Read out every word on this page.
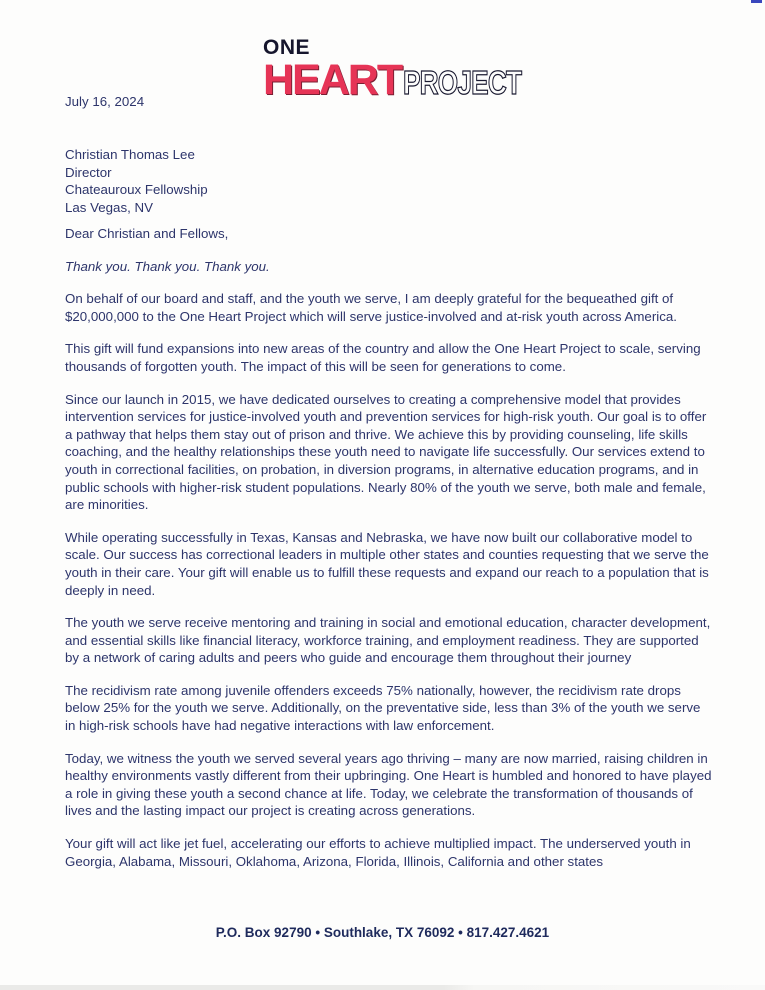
ONE
HEART PROJECT
July 16, 2024
Christian Thomas Lee
Director
Chateauroux Fellowship
Las Vegas, NV

Dear Christian and Fellows,

Thank you. Thank you. Thank you.

On behalf of our board and staff, and the youth we serve, I am deeply grateful for the bequeathed gift of $20,000,000 to the One Heart Project which will serve justice-involved and at-risk youth across America.

This gift will fund expansions into new areas of the country and allow the One Heart Project to scale, serving thousands of forgotten youth. The impact of this will be seen for generations to come.

Since our launch in 2015, we have dedicated ourselves to creating a comprehensive model that provides intervention services for justice-involved youth and prevention services for high-risk youth. Our goal is to offer a pathway that helps them stay out of prison and thrive. We achieve this by providing counseling, life skills coaching, and the healthy relationships these youth need to navigate life successfully. Our services extend to youth in correctional facilities, on probation, in diversion programs, in alternative education programs, and in public schools with higher-risk student populations. Nearly 80% of the youth we serve, both male and female, are minorities.

While operating successfully in Texas, Kansas and Nebraska, we have now built our collaborative model to scale. Our success has correctional leaders in multiple other states and counties requesting that we serve the youth in their care. Your gift will enable us to fulfill these requests and expand our reach to a population that is deeply in need.

The youth we serve receive mentoring and training in social and emotional education, character development, and essential skills like financial literacy, workforce training, and employment readiness. They are supported by a network of caring adults and peers who guide and encourage them throughout their journey

The recidivism rate among juvenile offenders exceeds 75% nationally, however, the recidivism rate drops below 25% for the youth we serve. Additionally, on the preventative side, less than 3% of the youth we serve in high-risk schools have had negative interactions with law enforcement.

Today, we witness the youth we served several years ago thriving – many are now married, raising children in healthy environments vastly different from their upbringing. One Heart is humbled and honored to have played a role in giving these youth a second chance at life. Today, we celebrate the transformation of thousands of lives and the lasting impact our project is creating across generations.

Your gift will act like jet fuel, accelerating our efforts to achieve multiplied impact. The underserved youth in Georgia, Alabama, Missouri, Oklahoma, Arizona, Florida, Illinois, California and other states

P.O. Box 92790 • Southlake, TX 76092 • 817.427.4621
